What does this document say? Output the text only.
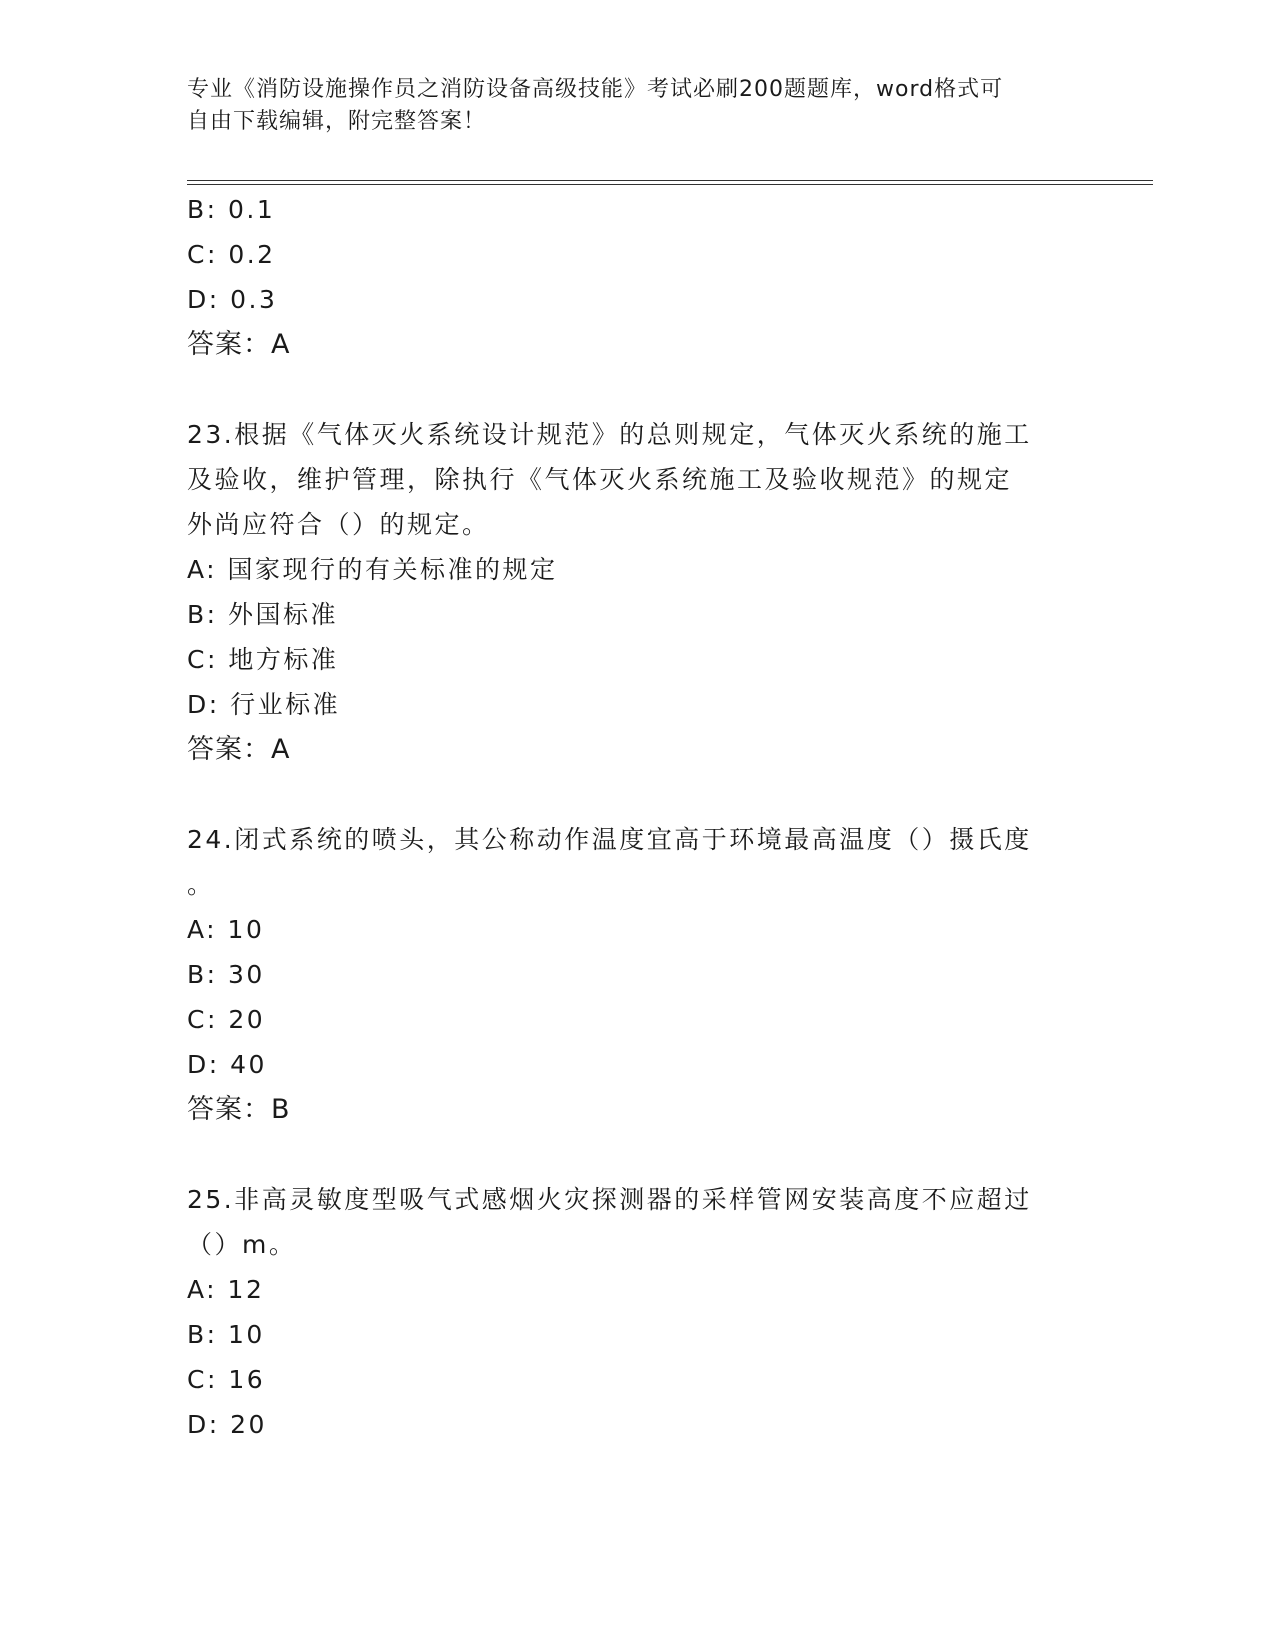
专业《消防设施操作员之消防设备高级技能》考试必刷200题题库，word格式可
自由下载编辑，附完整答案！
B: 0.1
C: 0.2
D: 0.3
答案：A
23.根据《气体灭火系统设计规范》的总则规定，气体灭火系统的施工
及验收，维护管理，除执行《气体灭火系统施工及验收规范》的规定
外尚应符合（）的规定。
A: 国家现行的有关标准的规定
B: 外国标准
C: 地方标准
D: 行业标准
答案：A
24.闭式系统的喷头，其公称动作温度宜高于环境最高温度（）摄氏度
。
A: 10
B: 30
C: 20
D: 40
答案：B
25.非高灵敏度型吸气式感烟火灾探测器的采样管网安装高度不应超过
（）m。
A: 12
B: 10
C: 16
D: 20
